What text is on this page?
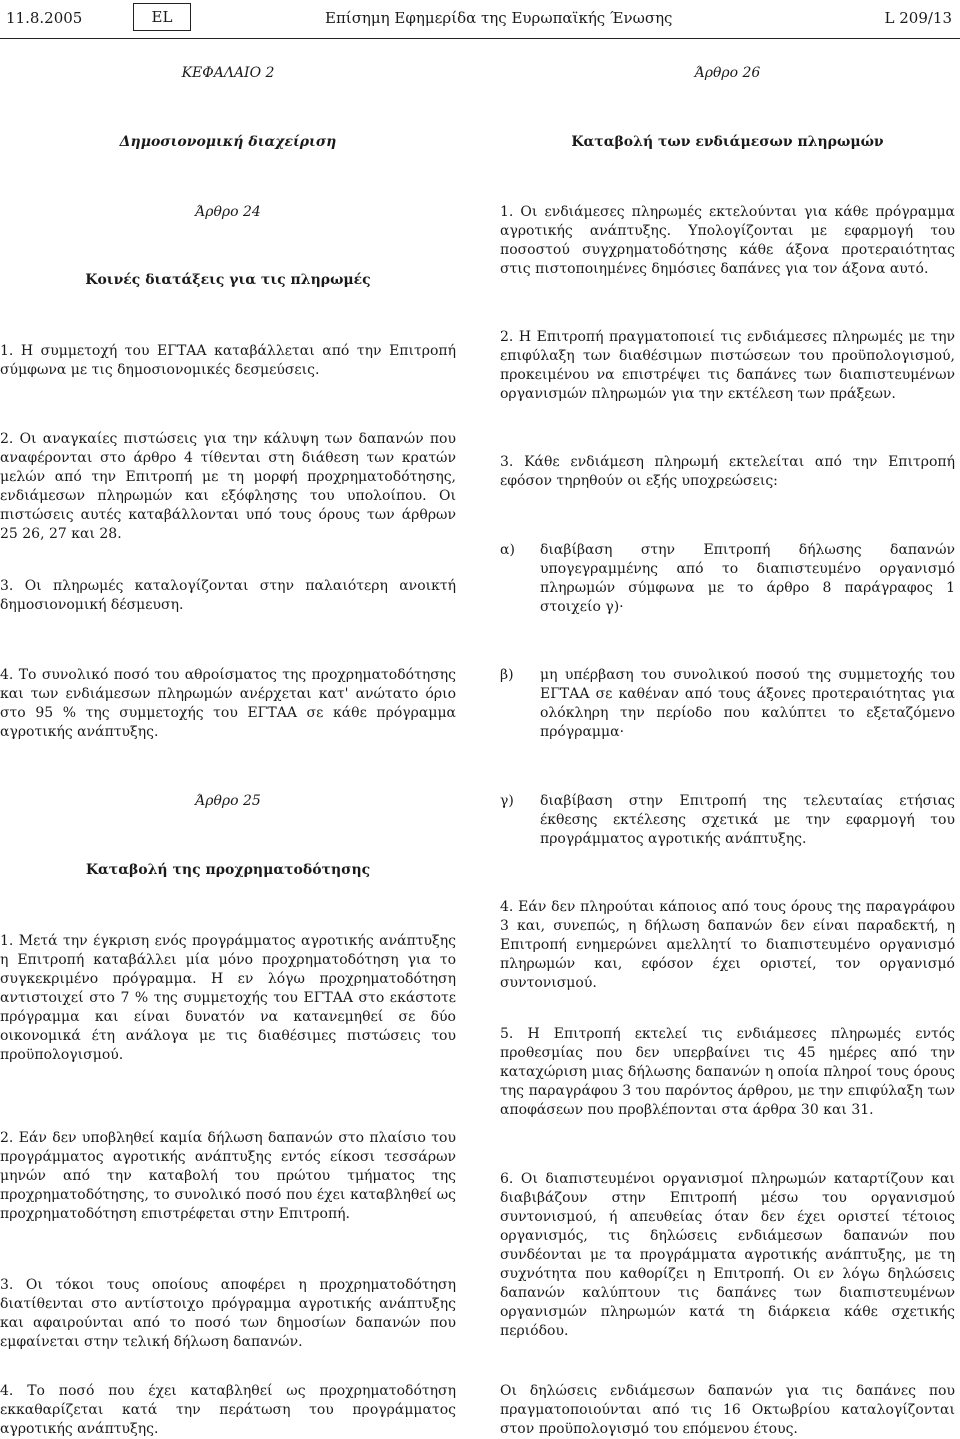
11.8.2005	EL	Επίσημη Εφημερίδα της Ευρωπαϊκής Ένωσης	L 209/13
ΚΕΦΑΛΑΙΟ 2
Δημοσιονομική διαχείριση
Άρθρο 24
Κοινές διατάξεις για τις πληρωμές

1. Η συμμετοχή του ΕΓΤΑΑ καταβάλλεται από την Επιτροπή σύμφωνα με τις δημοσιονομικές δεσμεύσεις.

2. Οι αναγκαίες πιστώσεις για την κάλυψη των δαπανών που αναφέρονται στο άρθρο 4 τίθενται στη διάθεση των κρατών μελών από την Επιτροπή με τη μορφή προχρηματοδότησης, ενδιάμεσων πληρωμών και εξόφλησης του υπολοίπου. Οι πιστώσεις αυτές καταβάλλονται υπό τους όρους των άρθρων 25 26, 27 και 28.

3. Οι πληρωμές καταλογίζονται στην παλαιότερη ανοικτή δημοσιονομική δέσμευση.

4. Το συνολικό ποσό του αθροίσματος της προχρηματοδότησης και των ενδιάμεσων πληρωμών ανέρχεται κατ' ανώτατο όριο στο 95 % της συμμετοχής του ΕΓΤΑΑ σε κάθε πρόγραμμα αγροτικής ανάπτυξης.

Άρθρο 25
Καταβολή της προχρηματοδότησης

1. Μετά την έγκριση ενός προγράμματος αγροτικής ανάπτυξης η Επιτροπή καταβάλλει μία μόνο προχρηματοδότηση για το συγκεκριμένο πρόγραμμα. Η εν λόγω προχρηματοδότηση αντιστοιχεί στο 7 % της συμμετοχής του ΕΓΤΑΑ στο εκάστοτε πρόγραμμα και είναι δυνατόν να κατανεμηθεί σε δύο οικονομικά έτη ανάλογα με τις διαθέσιμες πιστώσεις του προϋπολογισμού.

2. Εάν δεν υποβληθεί καμία δήλωση δαπανών στο πλαίσιο του προγράμματος αγροτικής ανάπτυξης εντός είκοσι τεσσάρων μηνών από την καταβολή του πρώτου τμήματος της προχρηματοδότησης, το συνολικό ποσό που έχει καταβληθεί ως προχρηματοδότηση επιστρέφεται στην Επιτροπή.

3. Οι τόκοι τους οποίους αποφέρει η προχρηματοδότηση διατίθενται στο αντίστοιχο πρόγραμμα αγροτικής ανάπτυξης και αφαιρούνται από το ποσό των δημοσίων δαπανών που εμφαίνεται στην τελική δήλωση δαπανών.

4. Το ποσό που έχει καταβληθεί ως προχρηματοδότηση εκκαθαρίζεται κατά την περάτωση του προγράμματος αγροτικής ανάπτυξης.

Άρθρο 26
Καταβολή των ενδιάμεσων πληρωμών

1. Οι ενδιάμεσες πληρωμές εκτελούνται για κάθε πρόγραμμα αγροτικής ανάπτυξης. Υπολογίζονται με εφαρμογή του ποσοστού συγχρηματοδότησης κάθε άξονα προτεραιότητας στις πιστοποιημένες δημόσιες δαπάνες για τον άξονα αυτό.

2. Η Επιτροπή πραγματοποιεί τις ενδιάμεσες πληρωμές με την επιφύλαξη των διαθέσιμων πιστώσεων του προϋπολογισμού, προκειμένου να επιστρέψει τις δαπάνες των διαπιστευμένων οργανισμών πληρωμών για την εκτέλεση των πράξεων.

3. Κάθε ενδιάμεση πληρωμή εκτελείται από την Επιτροπή εφόσον τηρηθούν οι εξής υποχρεώσεις:

α)	διαβίβαση στην Επιτροπή δήλωσης δαπανών υπογεγραμμένης από το διαπιστευμένο οργανισμό πληρωμών σύμφωνα με το άρθρο 8 παράγραφος 1 στοιχείο γ)·

β)	μη υπέρβαση του συνολικού ποσού της συμμετοχής του ΕΓΤΑΑ σε καθέναν από τους άξονες προτεραιότητας για ολόκληρη την περίοδο που καλύπτει το εξεταζόμενο πρόγραμμα·

γ)	διαβίβαση στην Επιτροπή της τελευταίας ετήσιας έκθεσης εκτέλεσης σχετικά με την εφαρμογή του προγράμματος αγροτικής ανάπτυξης.

4. Εάν δεν πληρούται κάποιος από τους όρους της παραγράφου 3 και, συνεπώς, η δήλωση δαπανών δεν είναι παραδεκτή, η Επιτροπή ενημερώνει αμελλητί το διαπιστευμένο οργανισμό πληρωμών και, εφόσον έχει οριστεί, τον οργανισμό συντονισμού.

5. Η Επιτροπή εκτελεί τις ενδιάμεσες πληρωμές εντός προθεσμίας που δεν υπερβαίνει τις 45 ημέρες από την καταχώριση μιας δήλωσης δαπανών η οποία πληροί τους όρους της παραγράφου 3 του παρόντος άρθρου, με την επιφύλαξη των αποφάσεων που προβλέπονται στα άρθρα 30 και 31.

6. Οι διαπιστευμένοι οργανισμοί πληρωμών καταρτίζουν και διαβιβάζουν στην Επιτροπή μέσω του οργανισμού συντονισμού, ή απευθείας όταν δεν έχει οριστεί τέτοιος οργανισμός, τις δηλώσεις ενδιάμεσων δαπανών που συνδέονται με τα προγράμματα αγροτικής ανάπτυξης, με τη συχνότητα που καθορίζει η Επιτροπή. Οι εν λόγω δηλώσεις δαπανών καλύπτουν τις δαπάνες των διαπιστευμένων οργανισμών πληρωμών κατά τη διάρκεια κάθε σχετικής περιόδου.

Οι δηλώσεις ενδιάμεσων δαπανών για τις δαπάνες που πραγματοποιούνται από τις 16 Οκτωβρίου καταλογίζονται στον προϋπολογισμό του επόμενου έτους.
